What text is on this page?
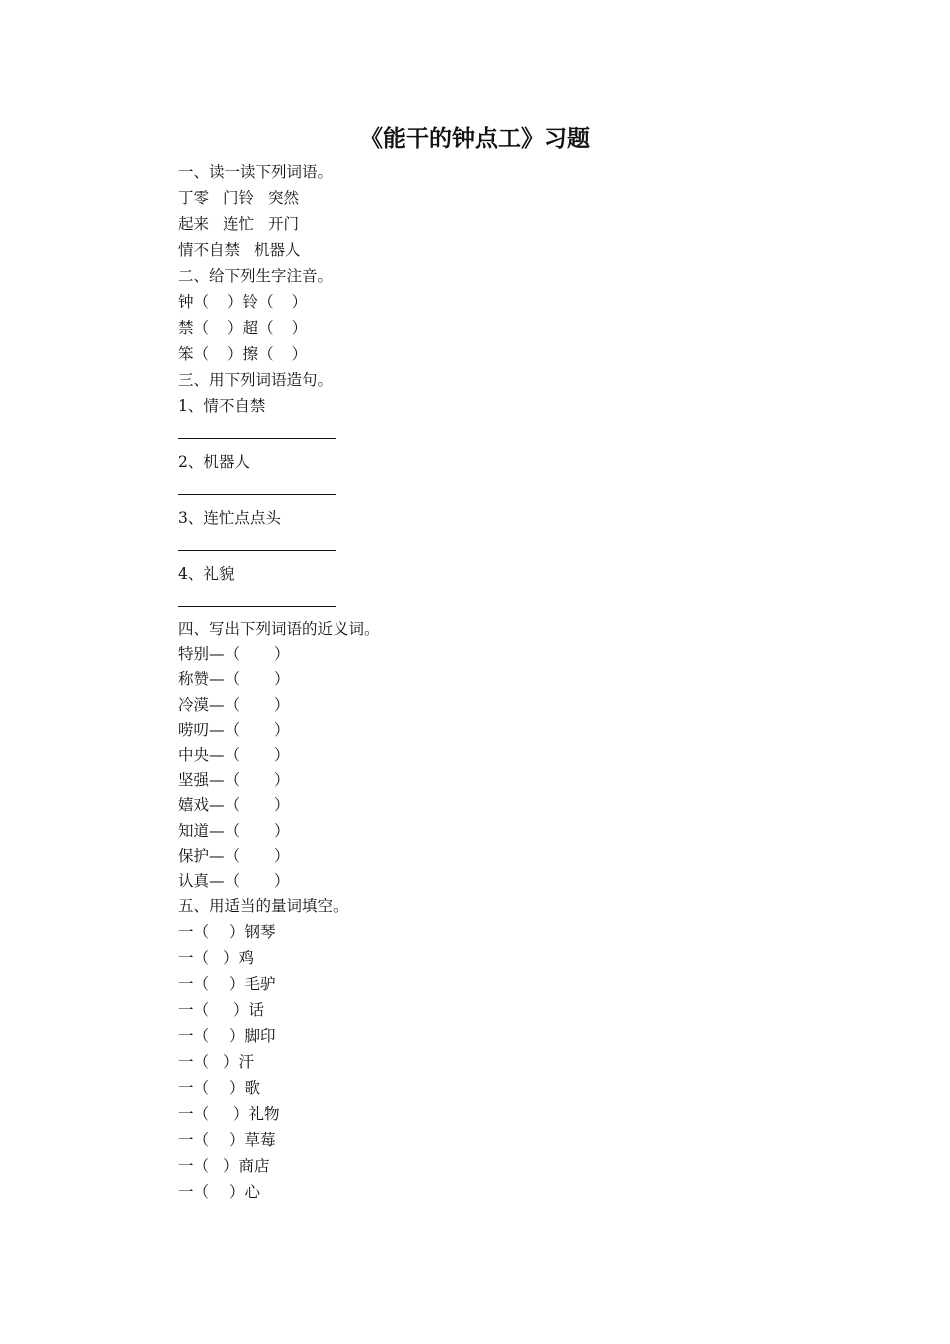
《能干的钟点工》习题
一、读一读下列词语。
丁零 门铃 突然
起来 连忙 开门
情不自禁 机器人
二、给下列生字注音。
钟（ ）铃（ ）
禁（ ）超（ ）
笨（ ）擦（ ）
三、用下列词语造句。
1、情不自禁
2、机器人
3、连忙点点头
4、礼貌
四、写出下列词语的近义词。
特别—（ ）
称赞—（ ）
冷漠—（ ）
唠叨—（ ）
中央—（ ）
坚强—（ ）
嬉戏—（ ）
知道—（ ）
保护—（ ）
认真—（ ）
五、用适当的量词填空。
一（ ）钢琴
一（ ）鸡
一（ ）毛驴
一（ ）话
一（ ）脚印
一（ ）汗
一（ ）歌
一（ ）礼物
一（ ）草莓
一（ ）商店
一（ ）心
